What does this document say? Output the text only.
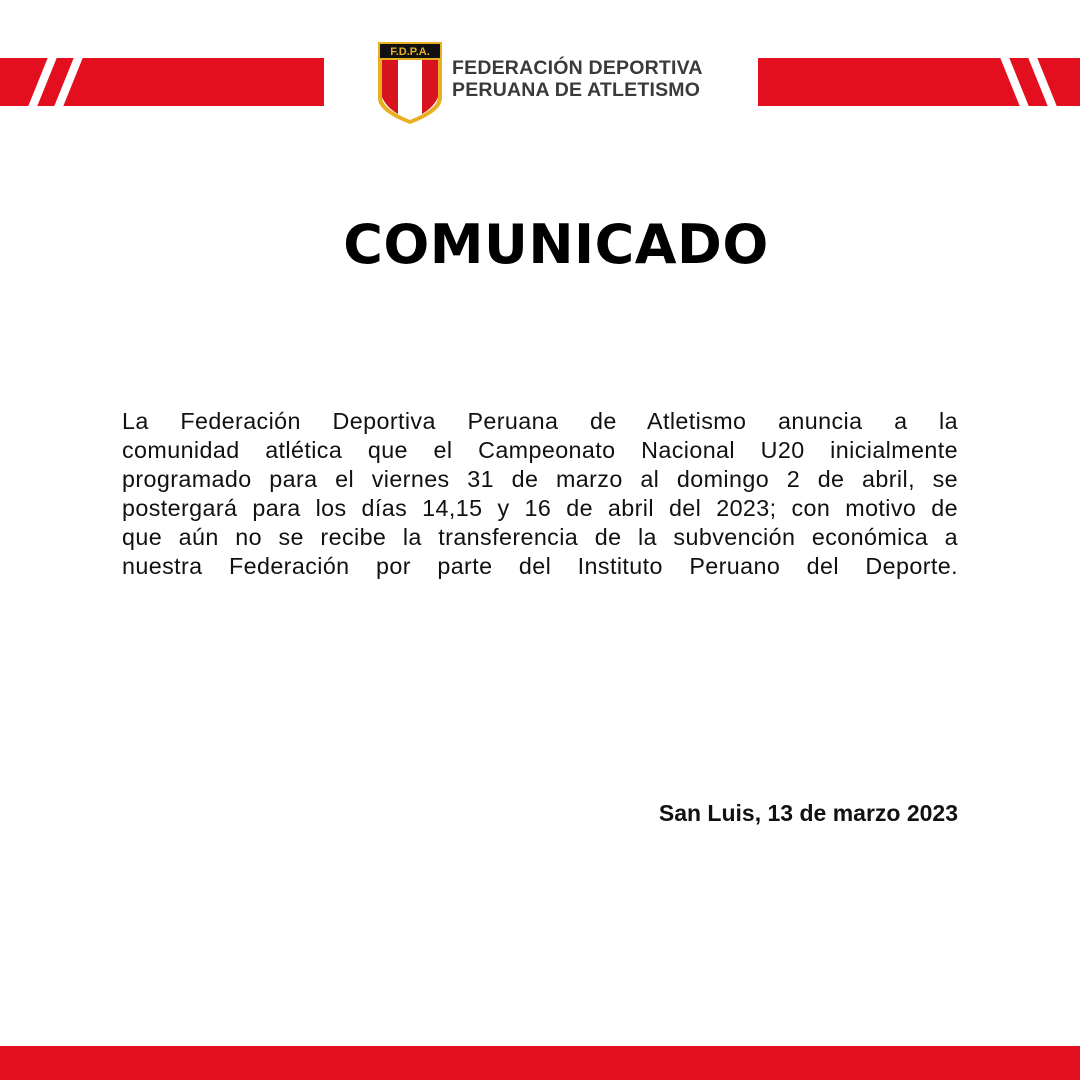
F.D.P.A.
FEDERACIÓN DEPORTIVA
PERUANA DE ATLETISMO
COMUNICADO
La Federación Deportiva Peruana de Atletismo anuncia a la
comunidad atlética que el Campeonato Nacional U20 inicialmente
programado para el viernes 31 de marzo al domingo 2 de abril, se
postergará para los días 14,15 y 16 de abril del 2023; con motivo de
que aún no se recibe la transferencia de la subvención económica a
nuestra Federación por parte del Instituto Peruano del Deporte.
San Luis, 13 de marzo 2023
